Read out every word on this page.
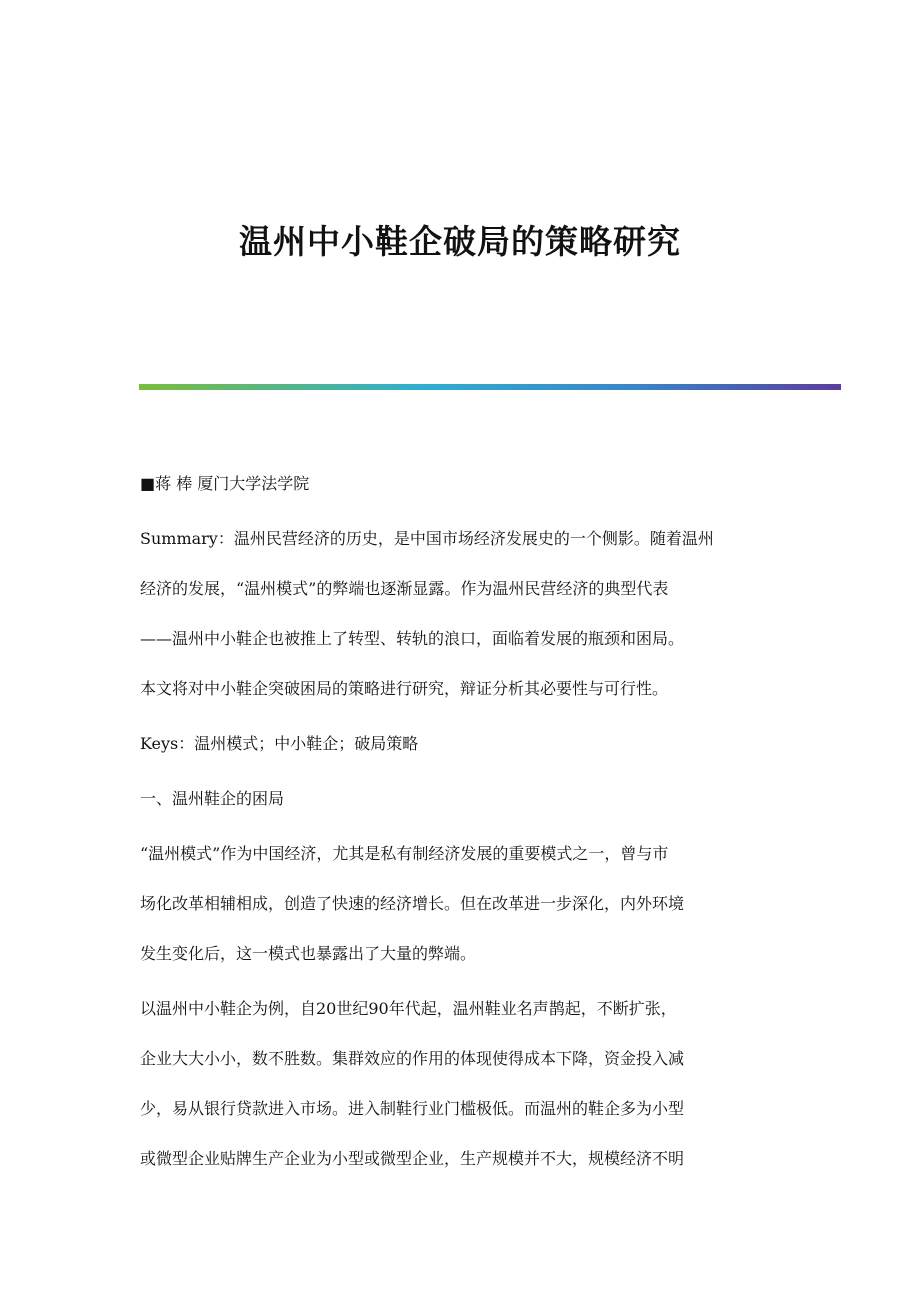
温州中小鞋企破局的策略研究
■蒋 棒 厦门大学法学院
Summary：温州民营经济的历史，是中国市场经济发展史的一个侧影。随着温州
经济的发展，“温州模式”的弊端也逐渐显露。作为温州民营经济的典型代表
——温州中小鞋企也被推上了转型、转轨的浪口，面临着发展的瓶颈和困局。
本文将对中小鞋企突破困局的策略进行研究，辩证分析其必要性与可行性。
Keys：温州模式；中小鞋企；破局策略
一、温州鞋企的困局
“温州模式”作为中国经济，尤其是私有制经济发展的重要模式之一，曾与市
场化改革相辅相成，创造了快速的经济增长。但在改革进一步深化，内外环境
发生变化后，这一模式也暴露出了大量的弊端。
以温州中小鞋企为例，自20世纪90年代起，温州鞋业名声鹊起，不断扩张，
企业大大小小，数不胜数。集群效应的作用的体现使得成本下降，资金投入减
少，易从银行贷款进入市场。进入制鞋行业门槛极低。而温州的鞋企多为小型
或微型企业贴牌生产企业为小型或微型企业，生产规模并不大，规模经济不明
